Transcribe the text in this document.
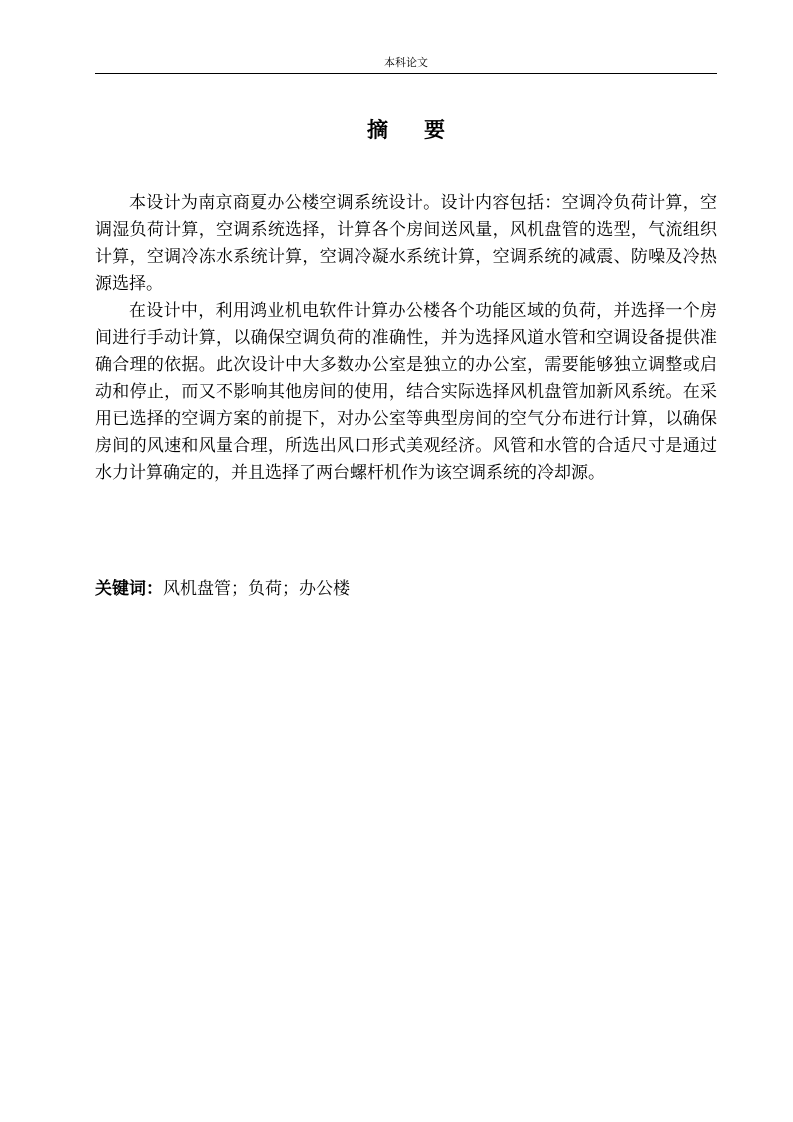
本科论文
摘要

本设计为南京商夏办公楼空调系统设计。设计内容包括：空调冷负荷计算，空调湿负荷计算，空调系统选择，计算各个房间送风量，风机盘管的选型，气流组织计算，空调冷冻水系统计算，空调冷凝水系统计算，空调系统的减震、防噪及冷热源选择。

在设计中，利用鸿业机电软件计算办公楼各个功能区域的负荷，并选择一个房间进行手动计算，以确保空调负荷的准确性，并为选择风道水管和空调设备提供准确合理的依据。此次设计中大多数办公室是独立的办公室，需要能够独立调整或启动和停止，而又不影响其他房间的使用，结合实际选择风机盘管加新风系统。在采用已选择的空调方案的前提下，对办公室等典型房间的空气分布进行计算，以确保房间的风速和风量合理，所选出风口形式美观经济。风管和水管的合适尺寸是通过水力计算确定的，并且选择了两台螺杆机作为该空调系统的冷却源。

关键词：风机盘管；负荷；办公楼
